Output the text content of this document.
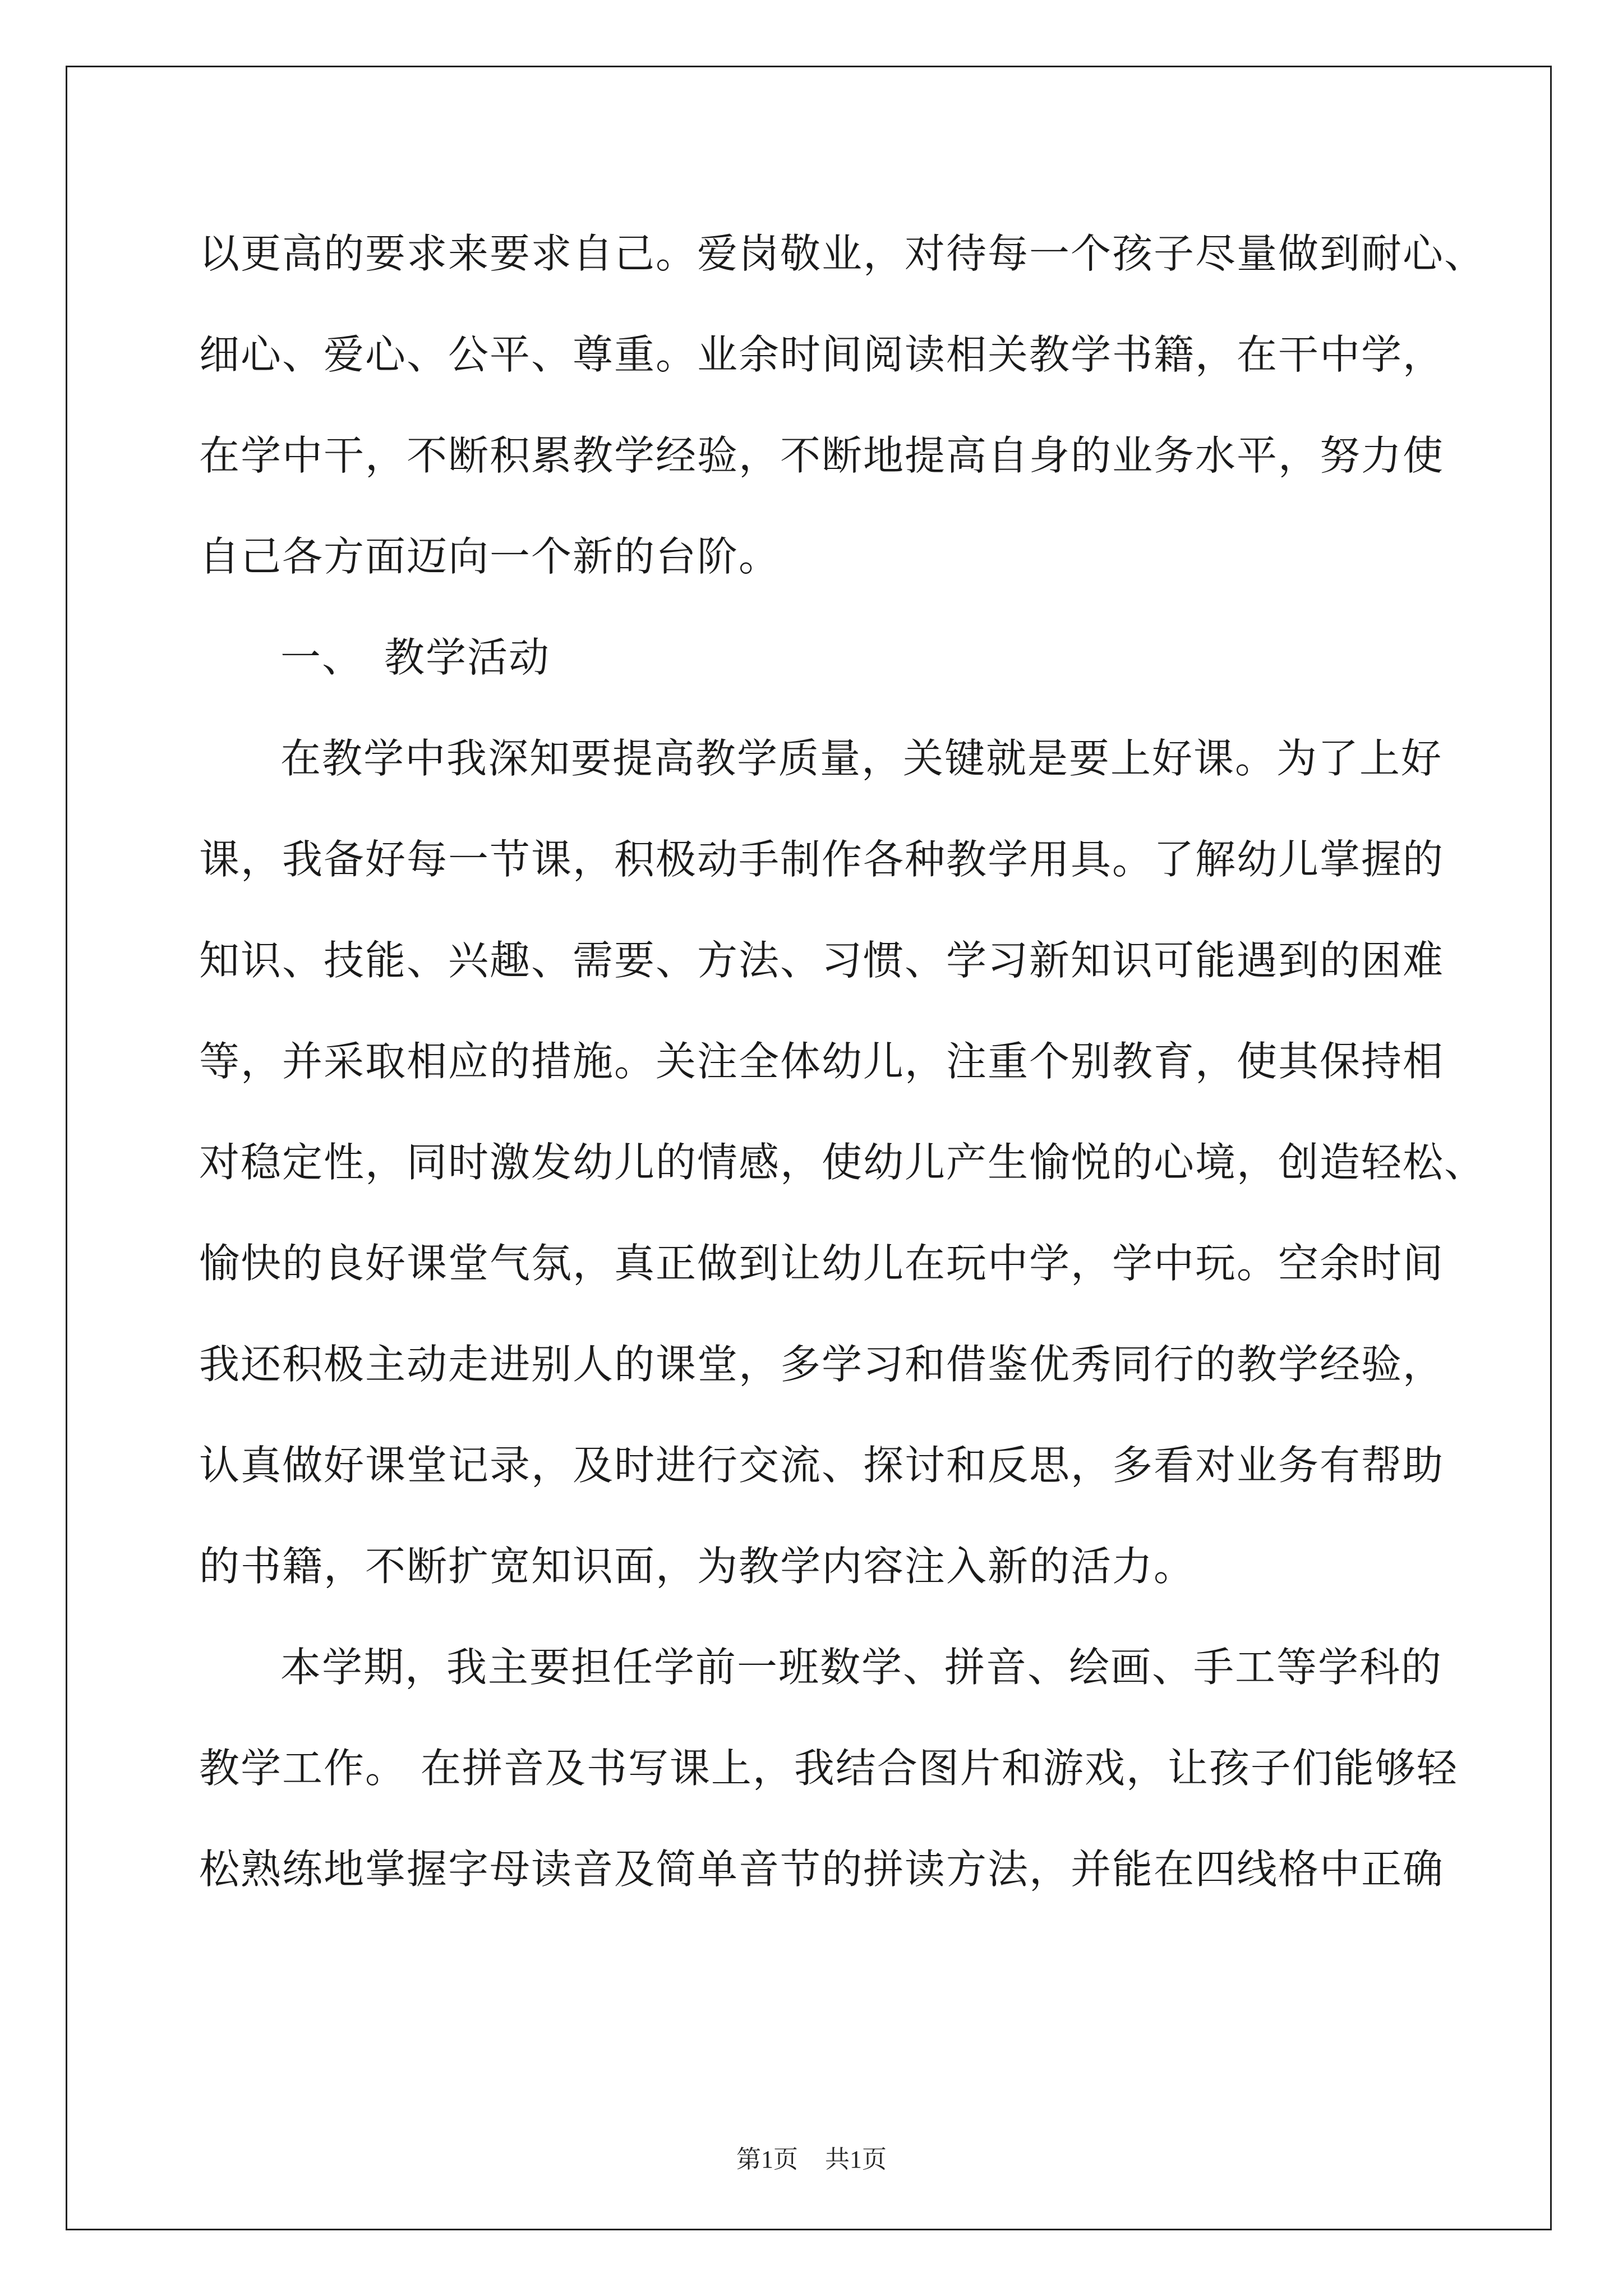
以更高的要求来要求自己。爱岗敬业，对待每一个孩子尽量做到耐心、
细心、爱心、公平、尊重。业余时间阅读相关教学书籍，在干中学，
在学中干，不断积累教学经验，不断地提高自身的业务水平，努力使
自己各方面迈向一个新的台阶。
一、 教学活动
在教学中我深知要提高教学质量，关键就是要上好课。为了上好
课，我备好每一节课，积极动手制作各种教学用具。了解幼儿掌握的
知识、技能、兴趣、需要、方法、习惯、学习新知识可能遇到的困难
等，并采取相应的措施。关注全体幼儿，注重个别教育，使其保持相
对稳定性，同时激发幼儿的情感，使幼儿产生愉悦的心境，创造轻松、
愉快的良好课堂气氛，真正做到让幼儿在玩中学，学中玩。空余时间
我还积极主动走进别人的课堂，多学习和借鉴优秀同行的教学经验，
认真做好课堂记录，及时进行交流、探讨和反思，多看对业务有帮助
的书籍，不断扩宽知识面，为教学内容注入新的活力。
本学期，我主要担任学前一班数学、拼音、绘画、手工等学科的
教学工作。 在拼音及书写课上，我结合图片和游戏，让孩子们能够轻
松熟练地掌握字母读音及简单音节的拼读方法，并能在四线格中正确
第1页 共1页
